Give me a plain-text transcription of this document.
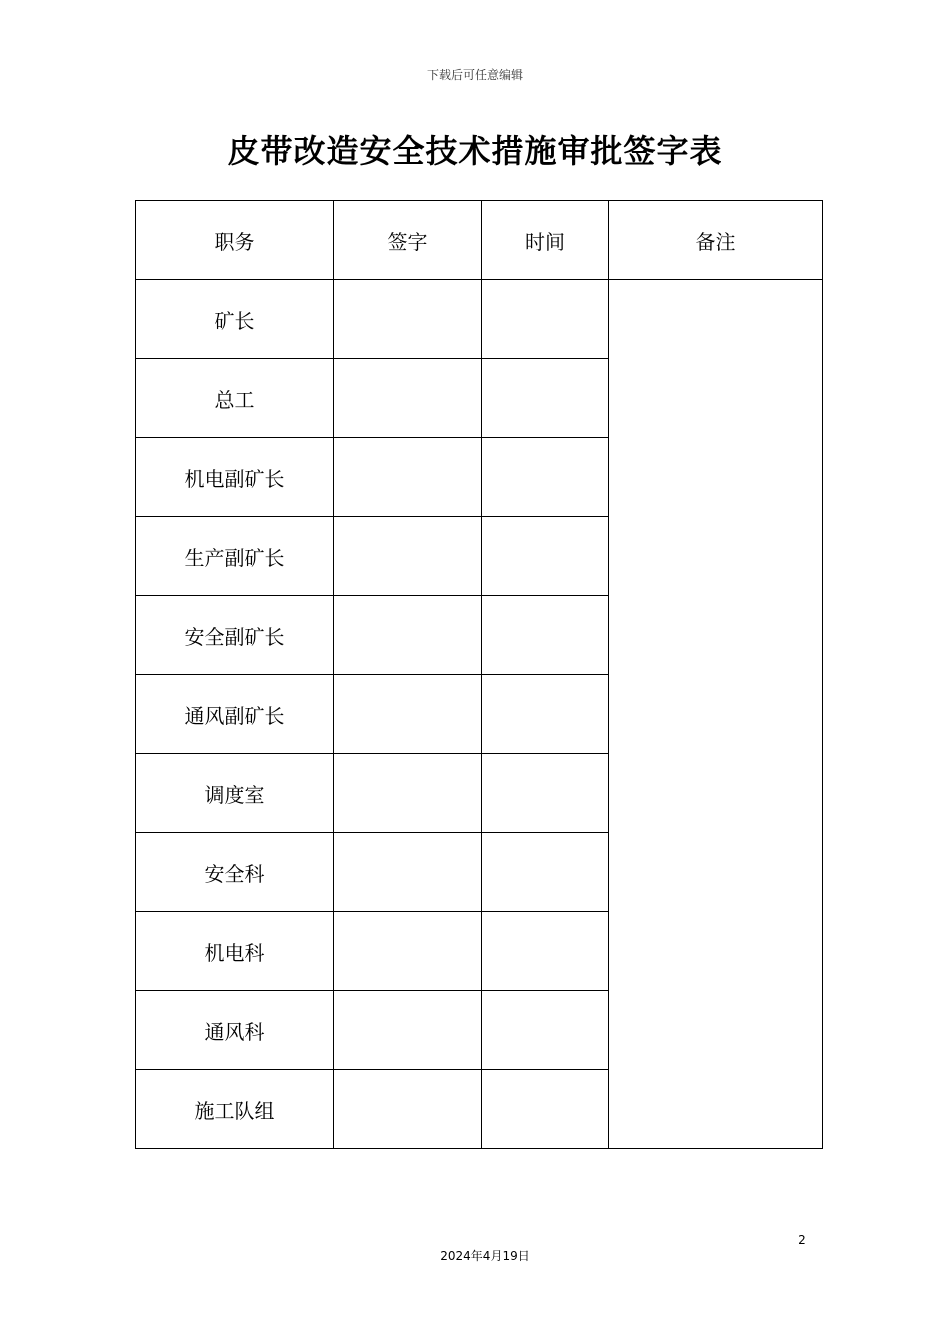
下载后可任意编辑
皮带改造安全技术措施审批签字表
职务	签字	时间	备注
矿长			
总工			
机电副矿长			
生产副矿长			
安全副矿长			
通风副矿长			
调度室			
安全科			
机电科			
通风科			
施工队组			
2
2024年4月19日
